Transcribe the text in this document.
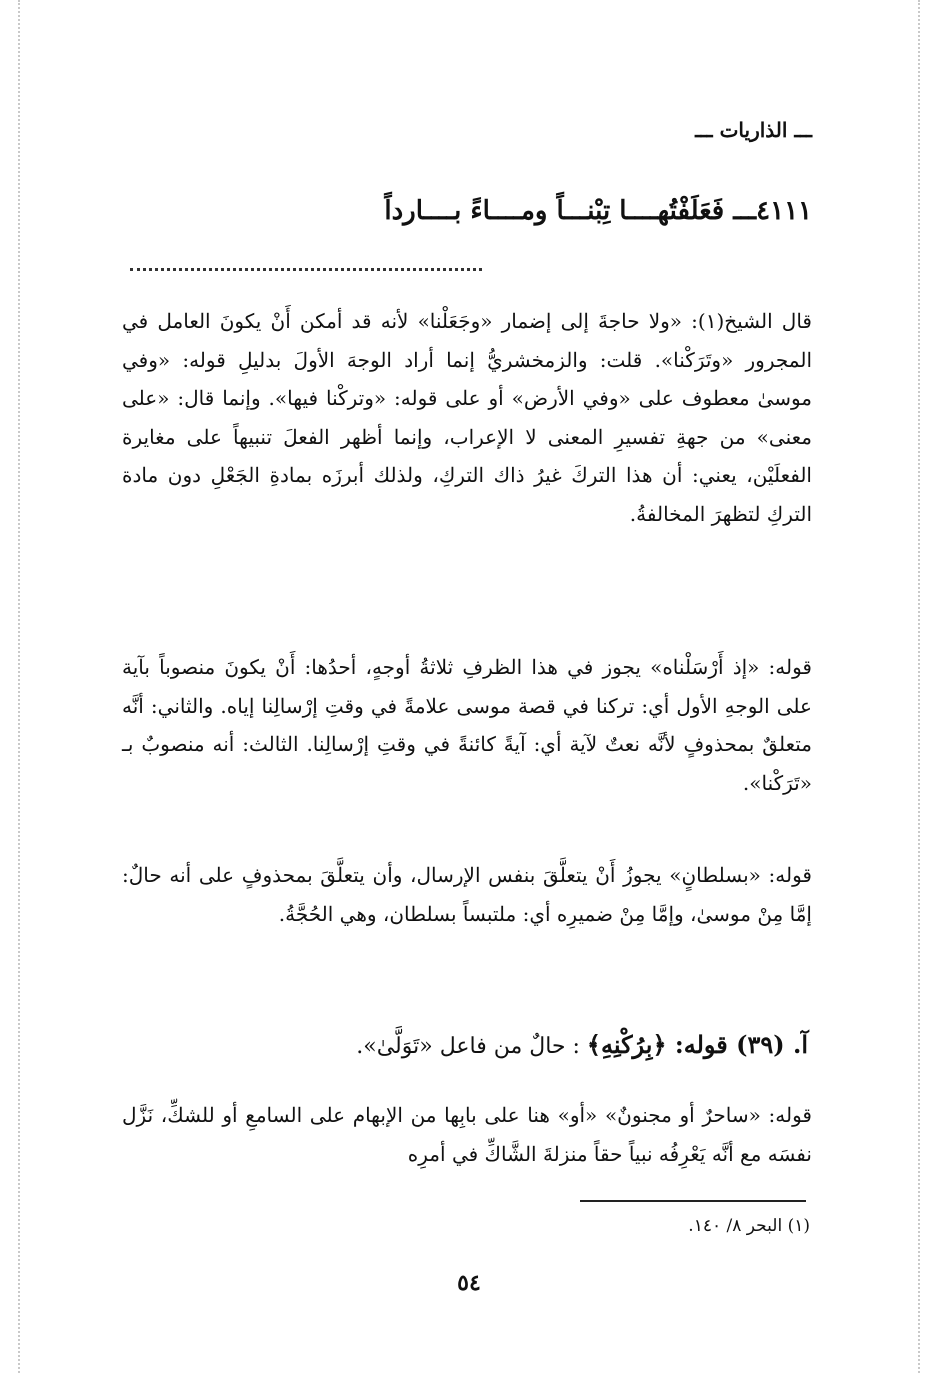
ـــ الذاريات ـــ
٤١١١ـــ فَعَلَفْتُهــــا تِبْنـــاً ومــــاءً بــــارداً
قال الشيخ(١): «ولا حاجةَ إلى إضمار «وجَعَلْنا» لأنه قد أمكن أَنْ يكونَ العامل في المجرور «وتَرَكْنا». قلت: والزمخشريُّ إنما أراد الوجهَ الأولَ بدليلِ قوله: «وفي موسىٰ معطوف على «وفي الأرض» أو على قوله: «وتركْنا فيها». وإنما قال: «على معنى» من جهةِ تفسيرِ المعنى لا الإعراب، وإنما أظهر الفعلَ تنبيهاً على مغايرة الفعلَيْن، يعني: أن هذا التركَ غيرُ ذاك التركِ، ولذلك أبرزَه بمادةِ الجَعْلِ دون مادة التركِ لتظهرَ المخالفةُ.
قوله: «إذ أَرْسَلْناه» يجوز في هذا الظرفِ ثلاثةُ أوجهٍ، أحدُها: أَنْ يكونَ منصوباً بآية على الوجهِ الأول أي: تركنا في قصة موسى علامةً في وقتِ إرْسالِنا إياه. والثاني: أنَّه متعلقٌ بمحذوفٍ لأنَّه نعتٌ لآية أي: آيةً كائنةً في وقتِ إرْسالِنا. الثالث: أنه منصوبٌ بـ «تَرَكْنا».
قوله: «بسلطانٍ» يجوزُ أَنْ يتعلَّقَ بنفس الإرسال، وأن يتعلَّقَ بمحذوفٍ على أنه حالٌ: إمَّا مِنْ موسىٰ، وإمَّا مِنْ ضميرِه أي: ملتبساً بسلطان، وهي الحُجَّةُ.
آ. (٣٩) قوله: ﴿بِرُكْنِهِ﴾ : حالٌ من فاعل «تَوَلَّىٰ».
قوله: «ساحرٌ أو مجنونٌ» «أو» هنا على بابِها من الإبهام على السامعِ أو للشكِّ، نَزَّل نفسَه مع أنَّه يَعْرِفُه نبياً حقاً منزلةَ الشَّاكِّ في أمرِه
(١) البحر ٨/ ١٤٠.
٥٤
